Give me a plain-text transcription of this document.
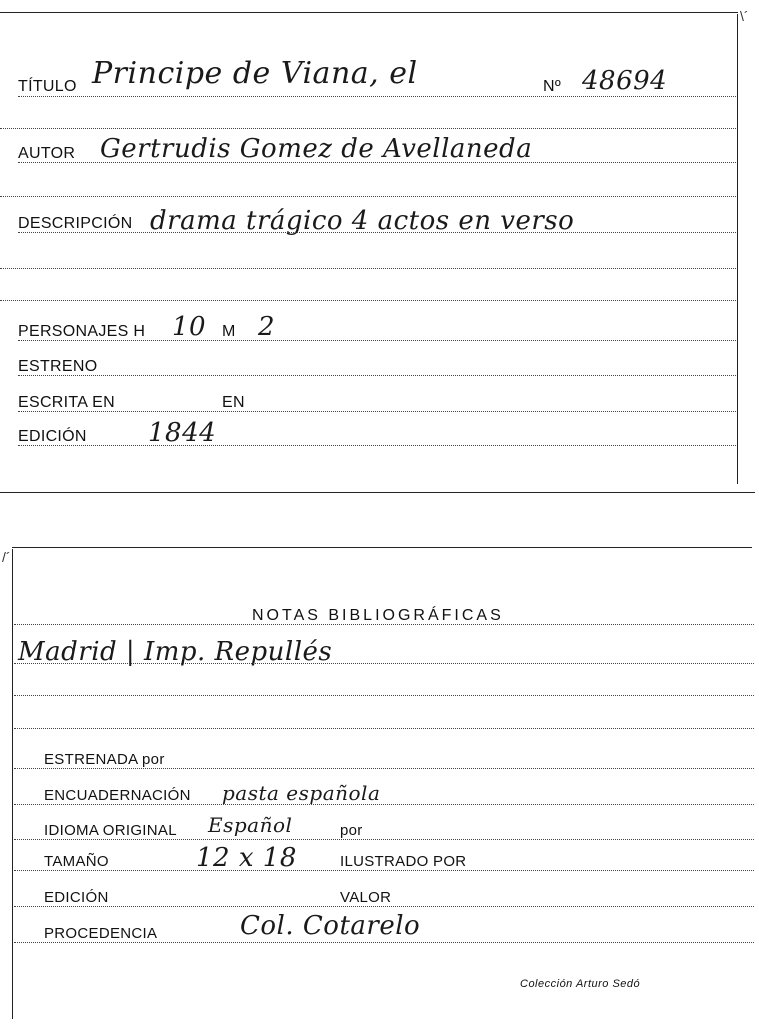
\´
TÍTULO Principe de Viana, el	Nº 48694
AUTOR Gertrudis Gomez de Avellaneda
DESCRIPCIÓN drama trágico 4 actos en verso
PERSONAJES H 10 M 2
ESTRENO
ESCRITA EN	EN
EDICIÓN 1844
/´
NOTAS BIBLIOGRÁFICAS
Madrid | Imp. Repullés
ESTRENADA por
ENCUADERNACIÓN pasta española
IDIOMA ORIGINAL Español	por
TAMAÑO	12 x 18	ILUSTRADO POR
EDICIÓN	VALOR
PROCEDENCIA	Col. Cotarelo
Colección Arturo Sedó
